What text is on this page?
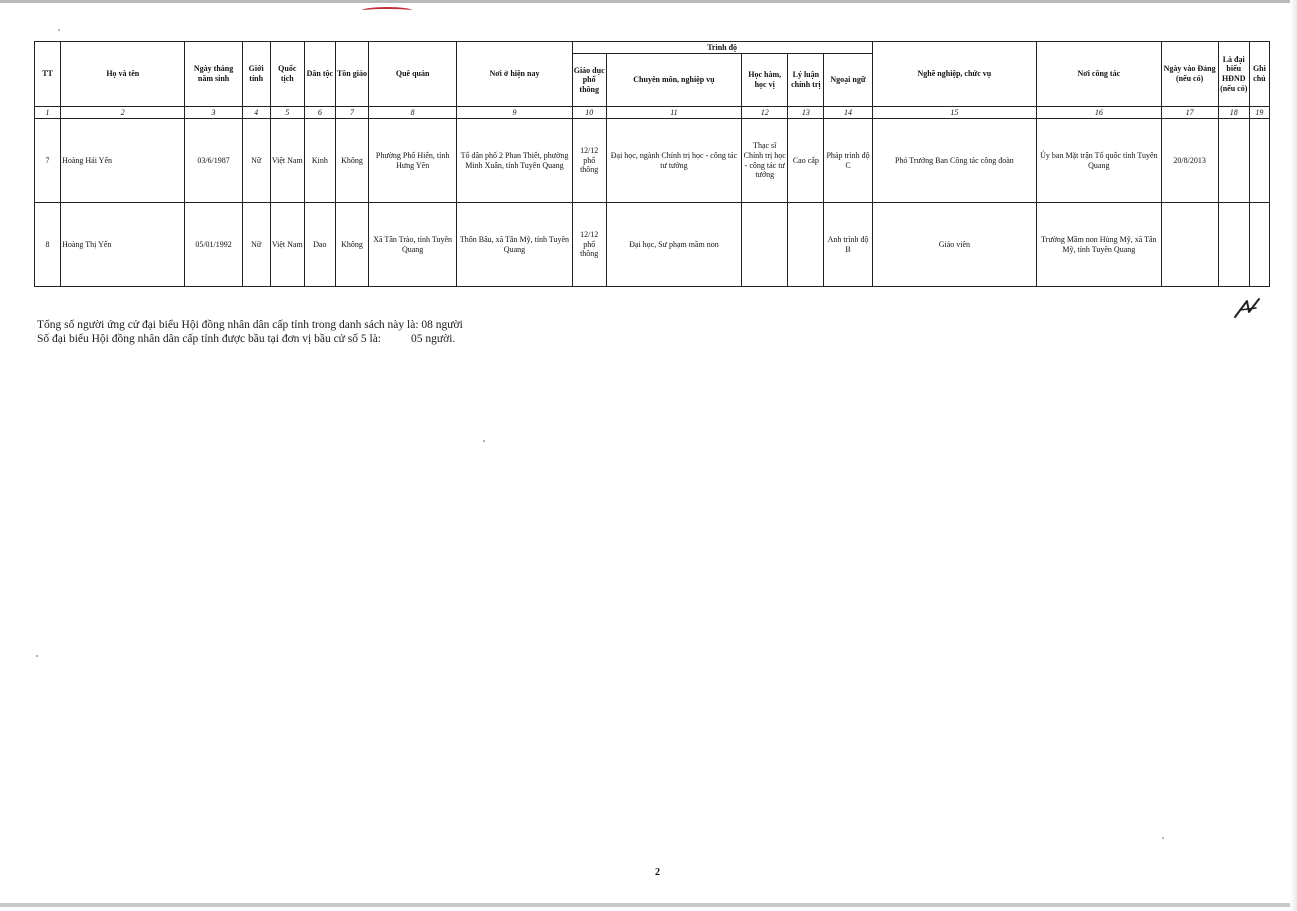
TT	Họ và tên	Ngày tháng năm sinh	Giới tính	Quốc tịch	Dân tộc	Tôn giáo	Quê quán	Nơi ở hiện nay	Trình độ					Nghề nghiệp, chức vụ	Nơi công tác	Ngày vào Đảng (nếu có)	Là đại biểu HĐND (nếu có)	Ghi chú
									Giáo dục phổ thông	Chuyên môn, nghiệp vụ	Học hàm, học vị	Lý luận chính trị	Ngoại ngữ					
1	2	3	4	5	6	7	8	9	10	11	12	13	14	15	16	17	18	19
7	Hoàng Hải Yến	03/6/1987	Nữ	Việt Nam	Kinh	Không	Phường Phố Hiến, tỉnh Hưng Yên	Tổ dân phố 2 Phan Thiết, phường Minh Xuân, tỉnh Tuyên Quang	12/12 phổ thông	Đại học, ngành Chính trị học - công tác tư tưởng	Thạc sĩ Chính trị học - công tác tư tưởng	Cao cấp	Pháp trình độ C	Phó Trưởng Ban Công tác công đoàn	Ủy ban Mặt trận Tổ quốc tỉnh Tuyên Quang	20/8/2013		
8	Hoàng Thị Yến	05/01/1992	Nữ	Việt Nam	Dao	Không	Xã Tân Trào, tỉnh Tuyên Quang	Thôn Bâu, xã Tân Mỹ, tỉnh Tuyên Quang	12/12 phổ thông	Đại học, Sư phạm mầm non			Anh trình độ B	Giáo viên	Trường Mầm non Hùng Mỹ, xã Tân Mỹ, tỉnh Tuyên Quang			
Tổng số người ứng cử đại biểu Hội đồng nhân dân cấp tỉnh trong danh sách này là: 08 người
Số đại biểu Hội đồng nhân dân cấp tỉnh được bầu tại đơn vị bầu cử số 5 là:	05 người.
2
